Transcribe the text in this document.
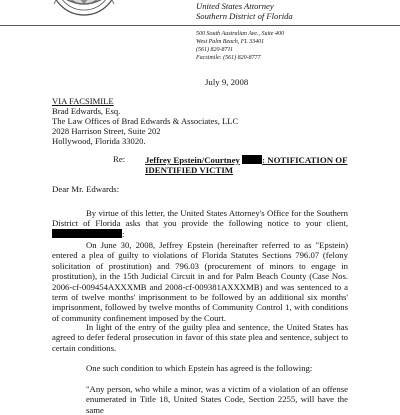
United States Attorney
Southern District of Florida
500 South Australian Ave., Suite 400
West Palm Beach, FL 33401
(561) 820-8711
Facsimile: (561) 820-8777
July 9, 2008
VIA FACSIMILE
Brad Edwards, Esq.
The Law Offices of Brad Edwards & Associates, LLC
2028 Harrison Street, Suite 202
Hollywood, Florida 33020.
Re: Jeffrey Epstein/Courtney	: NOTIFICATION OF
IDENTIFIED VICTIM
Dear Mr. Edwards:
By virtue of this letter, the United States Attorney's Office for the Southern District of Florida asks that you provide the following notice to your client, :
On June 30, 2008, Jeffrey Epstein (hereinafter referred to as "Epstein) entered a plea of guilty to violations of Florida Statutes Sections 796.07 (felony solicitation of prostitution) and 796.03 (procurement of minors to engage in prostitution), in the 15th Judicial Circuit in and for Palm Beach County (Case Nos. 2006-cf-009454AXXXMB and 2008-cf-009381AXXXMB) and was sentenced to a term of twelve months' imprisonment to be followed by an additional six months' imprisonment, followed by twelve months of Community Control 1, with conditions of community confinement imposed by the Court.
In light of the entry of the guilty plea and sentence, the United States has agreed to defer federal prosecution in favor of this state plea and sentence, subject to certain conditions.
One such condition to which Epstein has agreed is the following:
"Any person, who while a minor, was a victim of a violation of an offense enumerated in Title 18, United States Code, Section 2255, will have the same
